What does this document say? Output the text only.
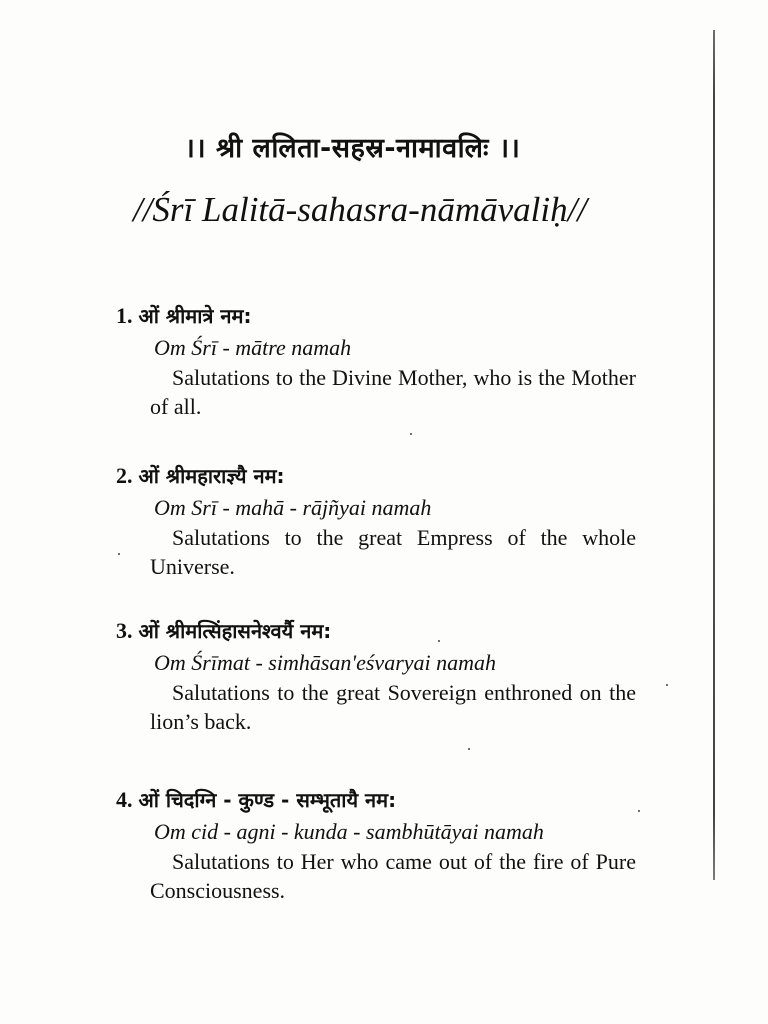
।। श्री ललिता-सहस्र-नामावलिः ।।
//Śrī Lalitā-sahasra-nāmāvaliḥ//
1. ओं श्रीमात्रे नम:
Om Śrī - mātre namah
Salutations to the Divine Mother, who is the Mother of all.
2. ओं श्रीमहाराज्ञ्यै नम:
Om Srī - mahā - rājñyai namah
Salutations to the great Empress of the whole Universe.
3. ओं श्रीमत्सिंहासनेश्वर्यै नम:
Om Śrīmat - simhāsan'eśvaryai namah
Salutations to the great Sovereign enthroned on the lion’s back.
4. ओं चिदग्नि - कुण्ड - सम्भूतायै नम:
Om cid - agni - kunda - sambhūtāyai namah
Salutations to Her who came out of the fire of Pure Consciousness.
